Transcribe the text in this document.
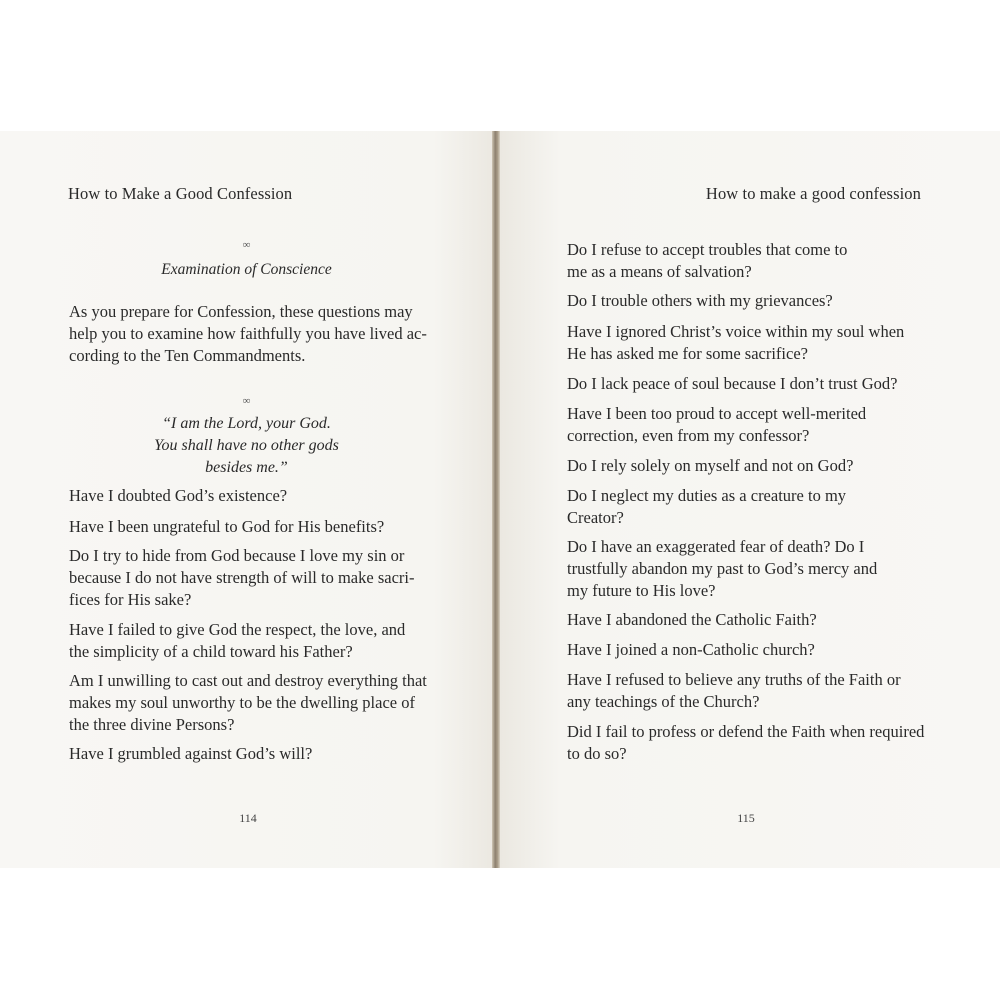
How to Make a Good Confession
∞
Examination of Conscience
As you prepare for Confession, these questions may
help you to examine how faithfully you have lived ac-
cording to the Ten Commandments.
∞
“I am the Lord, your God.
You shall have no other gods
besides me.”
Have I doubted God’s existence?
Have I been ungrateful to God for His benefits?
Do I try to hide from God because I love my sin or
because I do not have strength of will to make sacri-
fices for His sake?
Have I failed to give God the respect, the love, and
the simplicity of a child toward his Father?
Am I unwilling to cast out and destroy everything that
makes my soul unworthy to be the dwelling place of
the three divine Persons?
Have I grumbled against God’s will?
114
How to make a good confession
Do I refuse to accept troubles that come to
me as a means of salvation?
Do I trouble others with my grievances?
Have I ignored Christ’s voice within my soul when
He has asked me for some sacrifice?
Do I lack peace of soul because I don’t trust God?
Have I been too proud to accept well-merited
correction, even from my confessor?
Do I rely solely on myself and not on God?
Do I neglect my duties as a creature to my
Creator?
Do I have an exaggerated fear of death? Do I
trustfully abandon my past to God’s mercy and
my future to His love?
Have I abandoned the Catholic Faith?
Have I joined a non-Catholic church?
Have I refused to believe any truths of the Faith or
any teachings of the Church?
Did I fail to profess or defend the Faith when required
to do so?
115
